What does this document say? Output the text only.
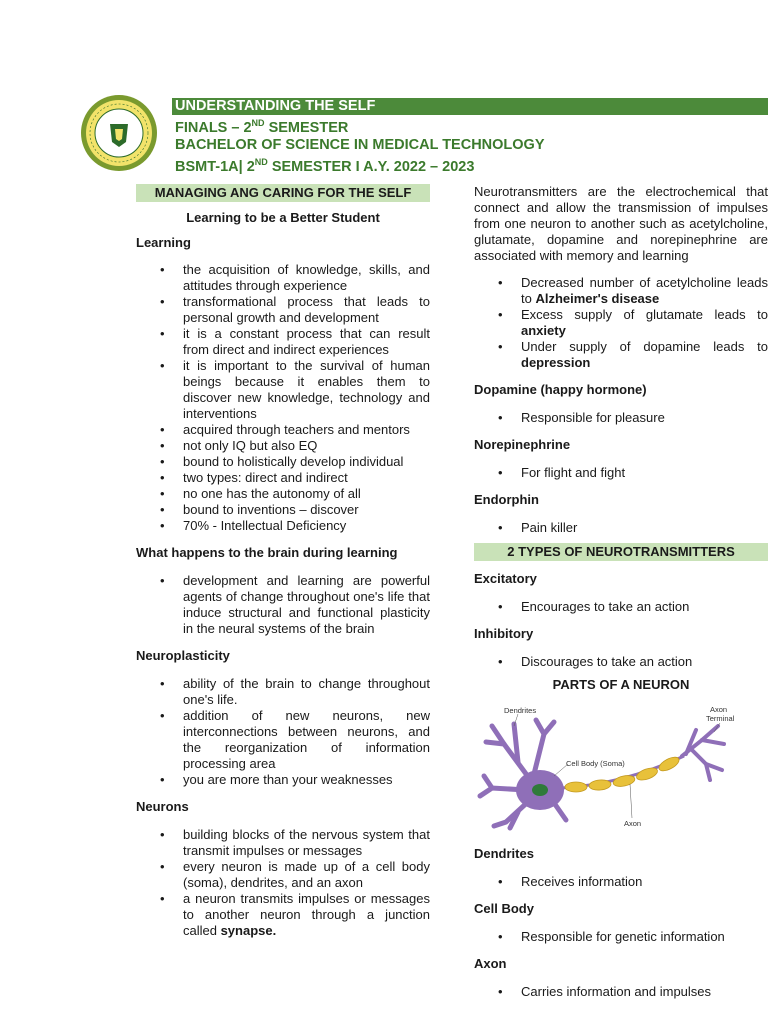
UNDERSTANDING THE SELF
FINALS – 2ND SEMESTER
BACHELOR OF SCIENCE IN MEDICAL TECHNOLOGY
BSMT-1A| 2ND SEMESTER I A.Y. 2022 – 2023
MANAGING ANG CARING FOR THE SELF
Learning to be a Better Student
Learning
• the acquisition of knowledge, skills, and attitudes through experience
• transformational process that leads to personal growth and development
• it is a constant process that can result from direct and indirect experiences
• it is important to the survival of human beings because it enables them to discover new knowledge, technology and interventions
• acquired through teachers and mentors
• not only IQ but also EQ
• bound to holistically develop individual
• two types: direct and indirect
• no one has the autonomy of all
• bound to inventions – discover
• 70% - Intellectual Deficiency
What happens to the brain during learning
• development and learning are powerful agents of change throughout one's life that induce structural and functional plasticity in the neural systems of the brain
Neuroplasticity
• ability of the brain to change throughout one's life.
• addition of new neurons, new interconnections between neurons, and the reorganization of information processing area
• you are more than your weaknesses
Neurons
• building blocks of the nervous system that transmit impulses or messages
• every neuron is made up of a cell body (soma), dendrites, and an axon
• a neuron transmits impulses or messages to another neuron through a junction called synapse.
Neurotransmitters are the electrochemical that connect and allow the transmission of impulses from one neuron to another such as acetylcholine, glutamate, dopamine and norepinephrine are associated with memory and learning
• Decreased number of acetylcholine leads to Alzheimer's disease
• Excess supply of glutamate leads to anxiety
• Under supply of dopamine leads to depression
Dopamine (happy hormone)
• Responsible for pleasure
Norepinephrine
• For flight and fight
Endorphin
• Pain killer
2 TYPES OF NEUROTRANSMITTERS
Excitatory
• Encourages to take an action
Inhibitory
• Discourages to take an action
PARTS OF A NEURON
Dendrites
Cell Body (Soma)
Axon
Terminal
Axon
Dendrites
• Receives information
Cell Body
• Responsible for genetic information
Axon
• Carries information and impulses
